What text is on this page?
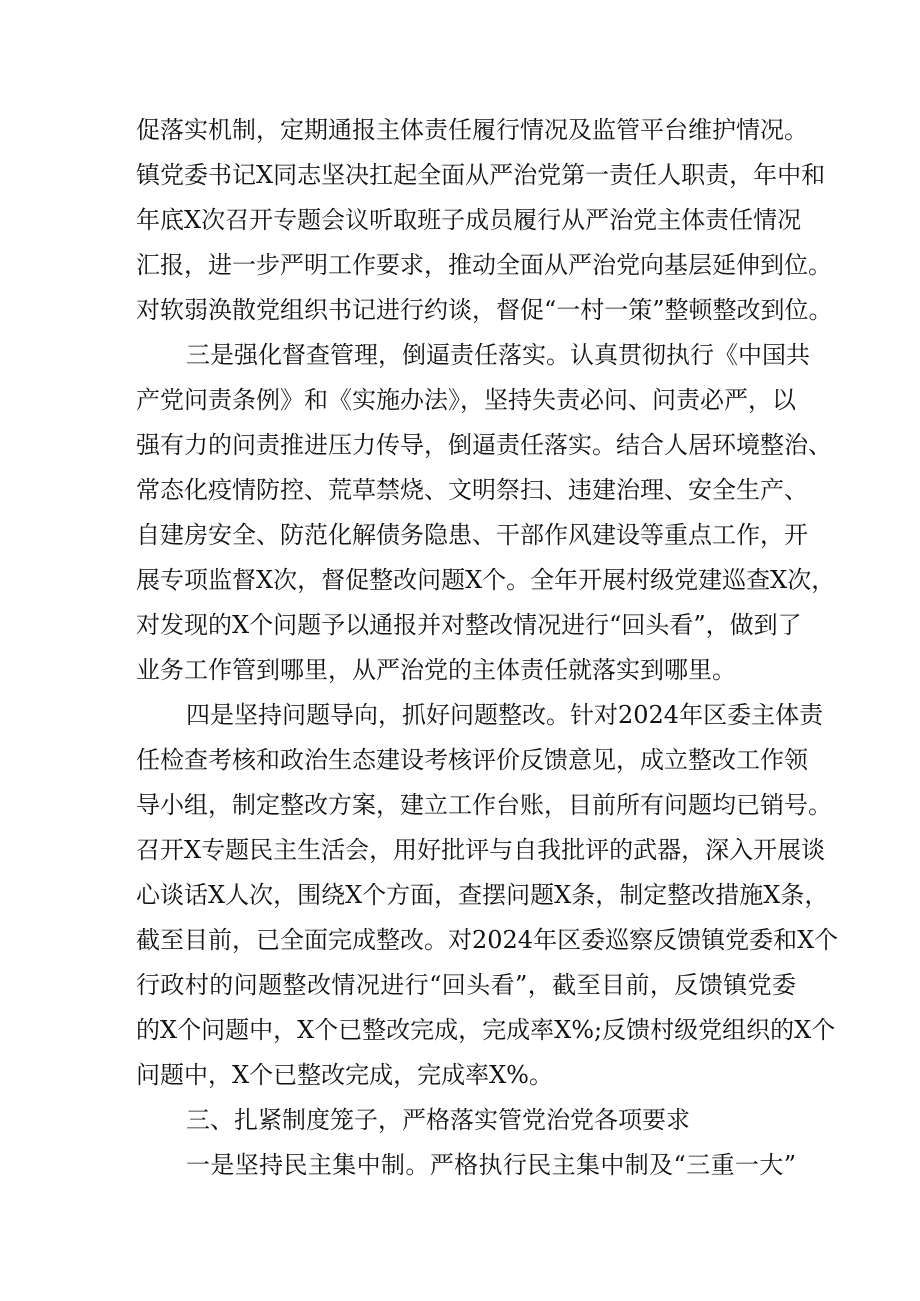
促落实机制，定期通报主体责任履行情况及监管平台维护情况。
镇党委书记X同志坚决扛起全面从严治党第一责任人职责，年中和
年底X次召开专题会议听取班子成员履行从严治党主体责任情况
汇报，进一步严明工作要求，推动全面从严治党向基层延伸到位。
对软弱涣散党组织书记进行约谈，督促“一村一策”整顿整改到位。
三是强化督查管理，倒逼责任落实。认真贯彻执行《中国共
产党问责条例》和《实施办法》，坚持失责必问、问责必严，以
强有力的问责推进压力传导，倒逼责任落实。结合人居环境整治、
常态化疫情防控、荒草禁烧、文明祭扫、违建治理、安全生产、
自建房安全、防范化解债务隐患、干部作风建设等重点工作，开
展专项监督X次，督促整改问题X个。全年开展村级党建巡查X次，
对发现的X个问题予以通报并对整改情况进行“回头看”，做到了
业务工作管到哪里，从严治党的主体责任就落实到哪里。
四是坚持问题导向，抓好问题整改。针对2024年区委主体责
任检查考核和政治生态建设考核评价反馈意见，成立整改工作领
导小组，制定整改方案，建立工作台账，目前所有问题均已销号。
召开X专题民主生活会，用好批评与自我批评的武器，深入开展谈
心谈话X人次，围绕X个方面，查摆问题X条，制定整改措施X条，
截至目前，已全面完成整改。对2024年区委巡察反馈镇党委和X个
行政村的问题整改情况进行“回头看”，截至目前，反馈镇党委
的X个问题中，X个已整改完成，完成率X%;反馈村级党组织的X个
问题中，X个已整改完成，完成率X%。
三、扎紧制度笼子，严格落实管党治党各项要求
一是坚持民主集中制。严格执行民主集中制及“三重一大”
